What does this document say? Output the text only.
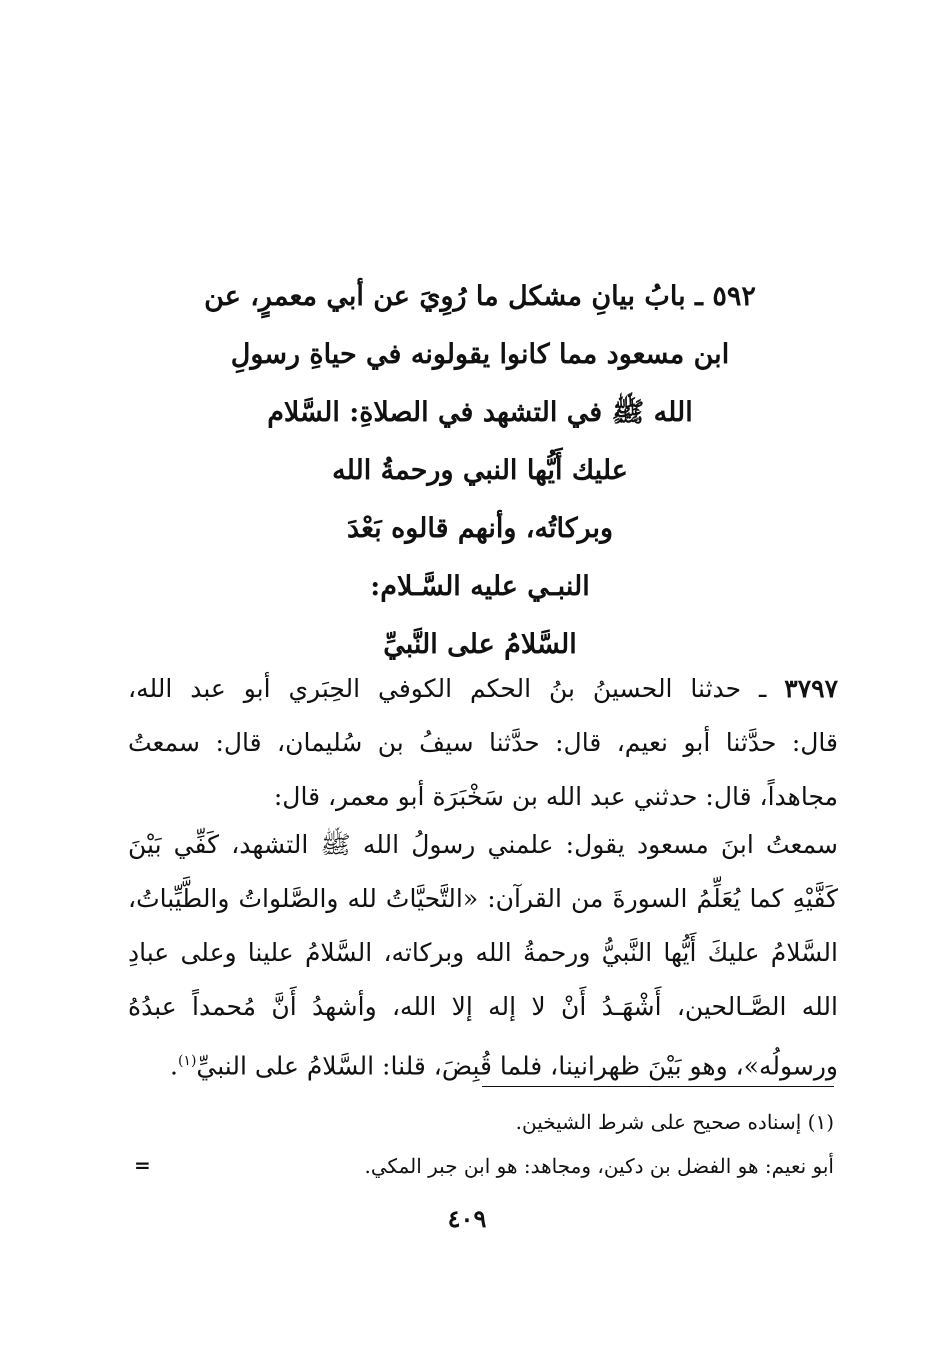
٥٩٢ ـ بابُ بيانِ مشكل ما رُوِيَ عن أبي معمرٍ، عن
ابن مسعود مما كانوا يقولونه في حياةِ رسولِ
الله ﷺ في التشهد في الصلاةِ: السَّلام
عليك أَيُّها النبي ورحمةُ الله
وبركاتُه، وأنهم قالوه بَعْدَ
النبـي عليه السَّـلام:
السَّلامُ على النَّبيِّ
٣٧٩٧ ـ حدثنا الحسينُ بنُ الحكم الكوفي الحِبَري أبو عبد الله،
قال: حدَّثنا أبو نعيم، قال: حدَّثنا سيفُ بن سُليمان، قال: سمعتُ
مجاهداً، قال: حدثني عبد الله بن سَخْبَرَة أبو معمر، قال:
سمعتُ ابنَ مسعود يقول: علمني رسولُ الله ﷺ التشهد، كَفِّي بَيْنَ
كَفَّيْهِ كما يُعَلِّمُ السورةَ من القرآن: «التَّحيَّاتُ لله والصَّلواتُ والطَّيِّباتُ،
السَّلامُ عليكَ أَيُّها النَّبيُّ ورحمةُ الله وبركاته، السَّلامُ علينا وعلى عبادِ
الله الصَّـالحين، أَشْهَـدُ أَنْ لا إله إلا الله، وأشهدُ أَنَّ مُحمداً عبدُهُ
ورسولُه»، وهو بَيْنَ ظهرانينا، فلما قُبِضَ، قلنا: السَّلامُ على النبيِّ$^{(١)}$.
(١) إسناده صحيح على شرط الشيخين.
أبو نعيم: هو الفضل بن دكين، ومجاهد: هو ابن جبر المكي.
=
٤٠٩
